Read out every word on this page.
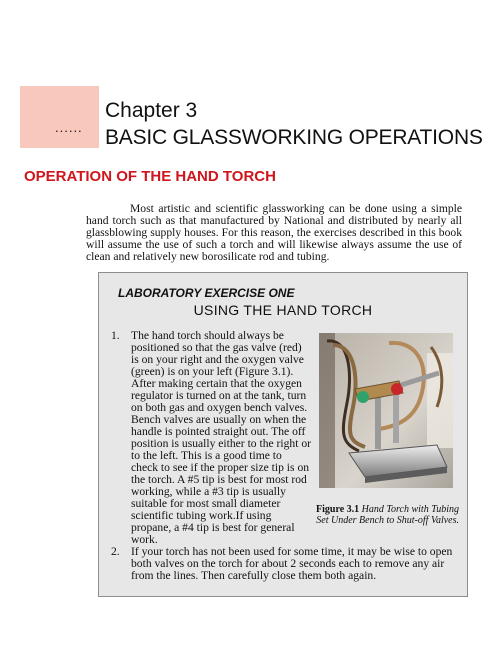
......
Chapter 3
BASIC GLASSWORKING OPERATIONS
OPERATION OF THE HAND TORCH

Most artistic and scientific glassworking can be done using a simple hand torch such as that manufactured by National and distributed by nearly all glassblowing supply houses. For this reason, the exercises described in this book will assume the use of such a torch and will likewise always assume the use of clean and relatively new borosilicate rod and tubing.

LABORATORY EXERCISE ONE
USING THE HAND TORCH
1. The hand torch should always be positioned so that the gas valve (red) is on your right and the oxygen valve (green) is on your left (Figure 3.1). After making certain that the oxygen regulator is turned on at the tank, turn on both gas and oxygen bench valves. Bench valves are usually on when the handle is pointed straight out. The off position is usually either to the right or to the left. This is a good time to check to see if the proper size tip is on the torch. A #5 tip is best for most rod working, while a #3 tip is usually suitable for most small diameter scientific tubing work.If using propane, a #4 tip is best for general work.

Figure 3.1 Hand Torch with Tubing Set Under Bench to Shut-off Valves.

2. If your torch has not been used for some time, it may be wise to open both valves on the torch for about 2 seconds each to remove any air from the lines. Then carefully close them both again.
